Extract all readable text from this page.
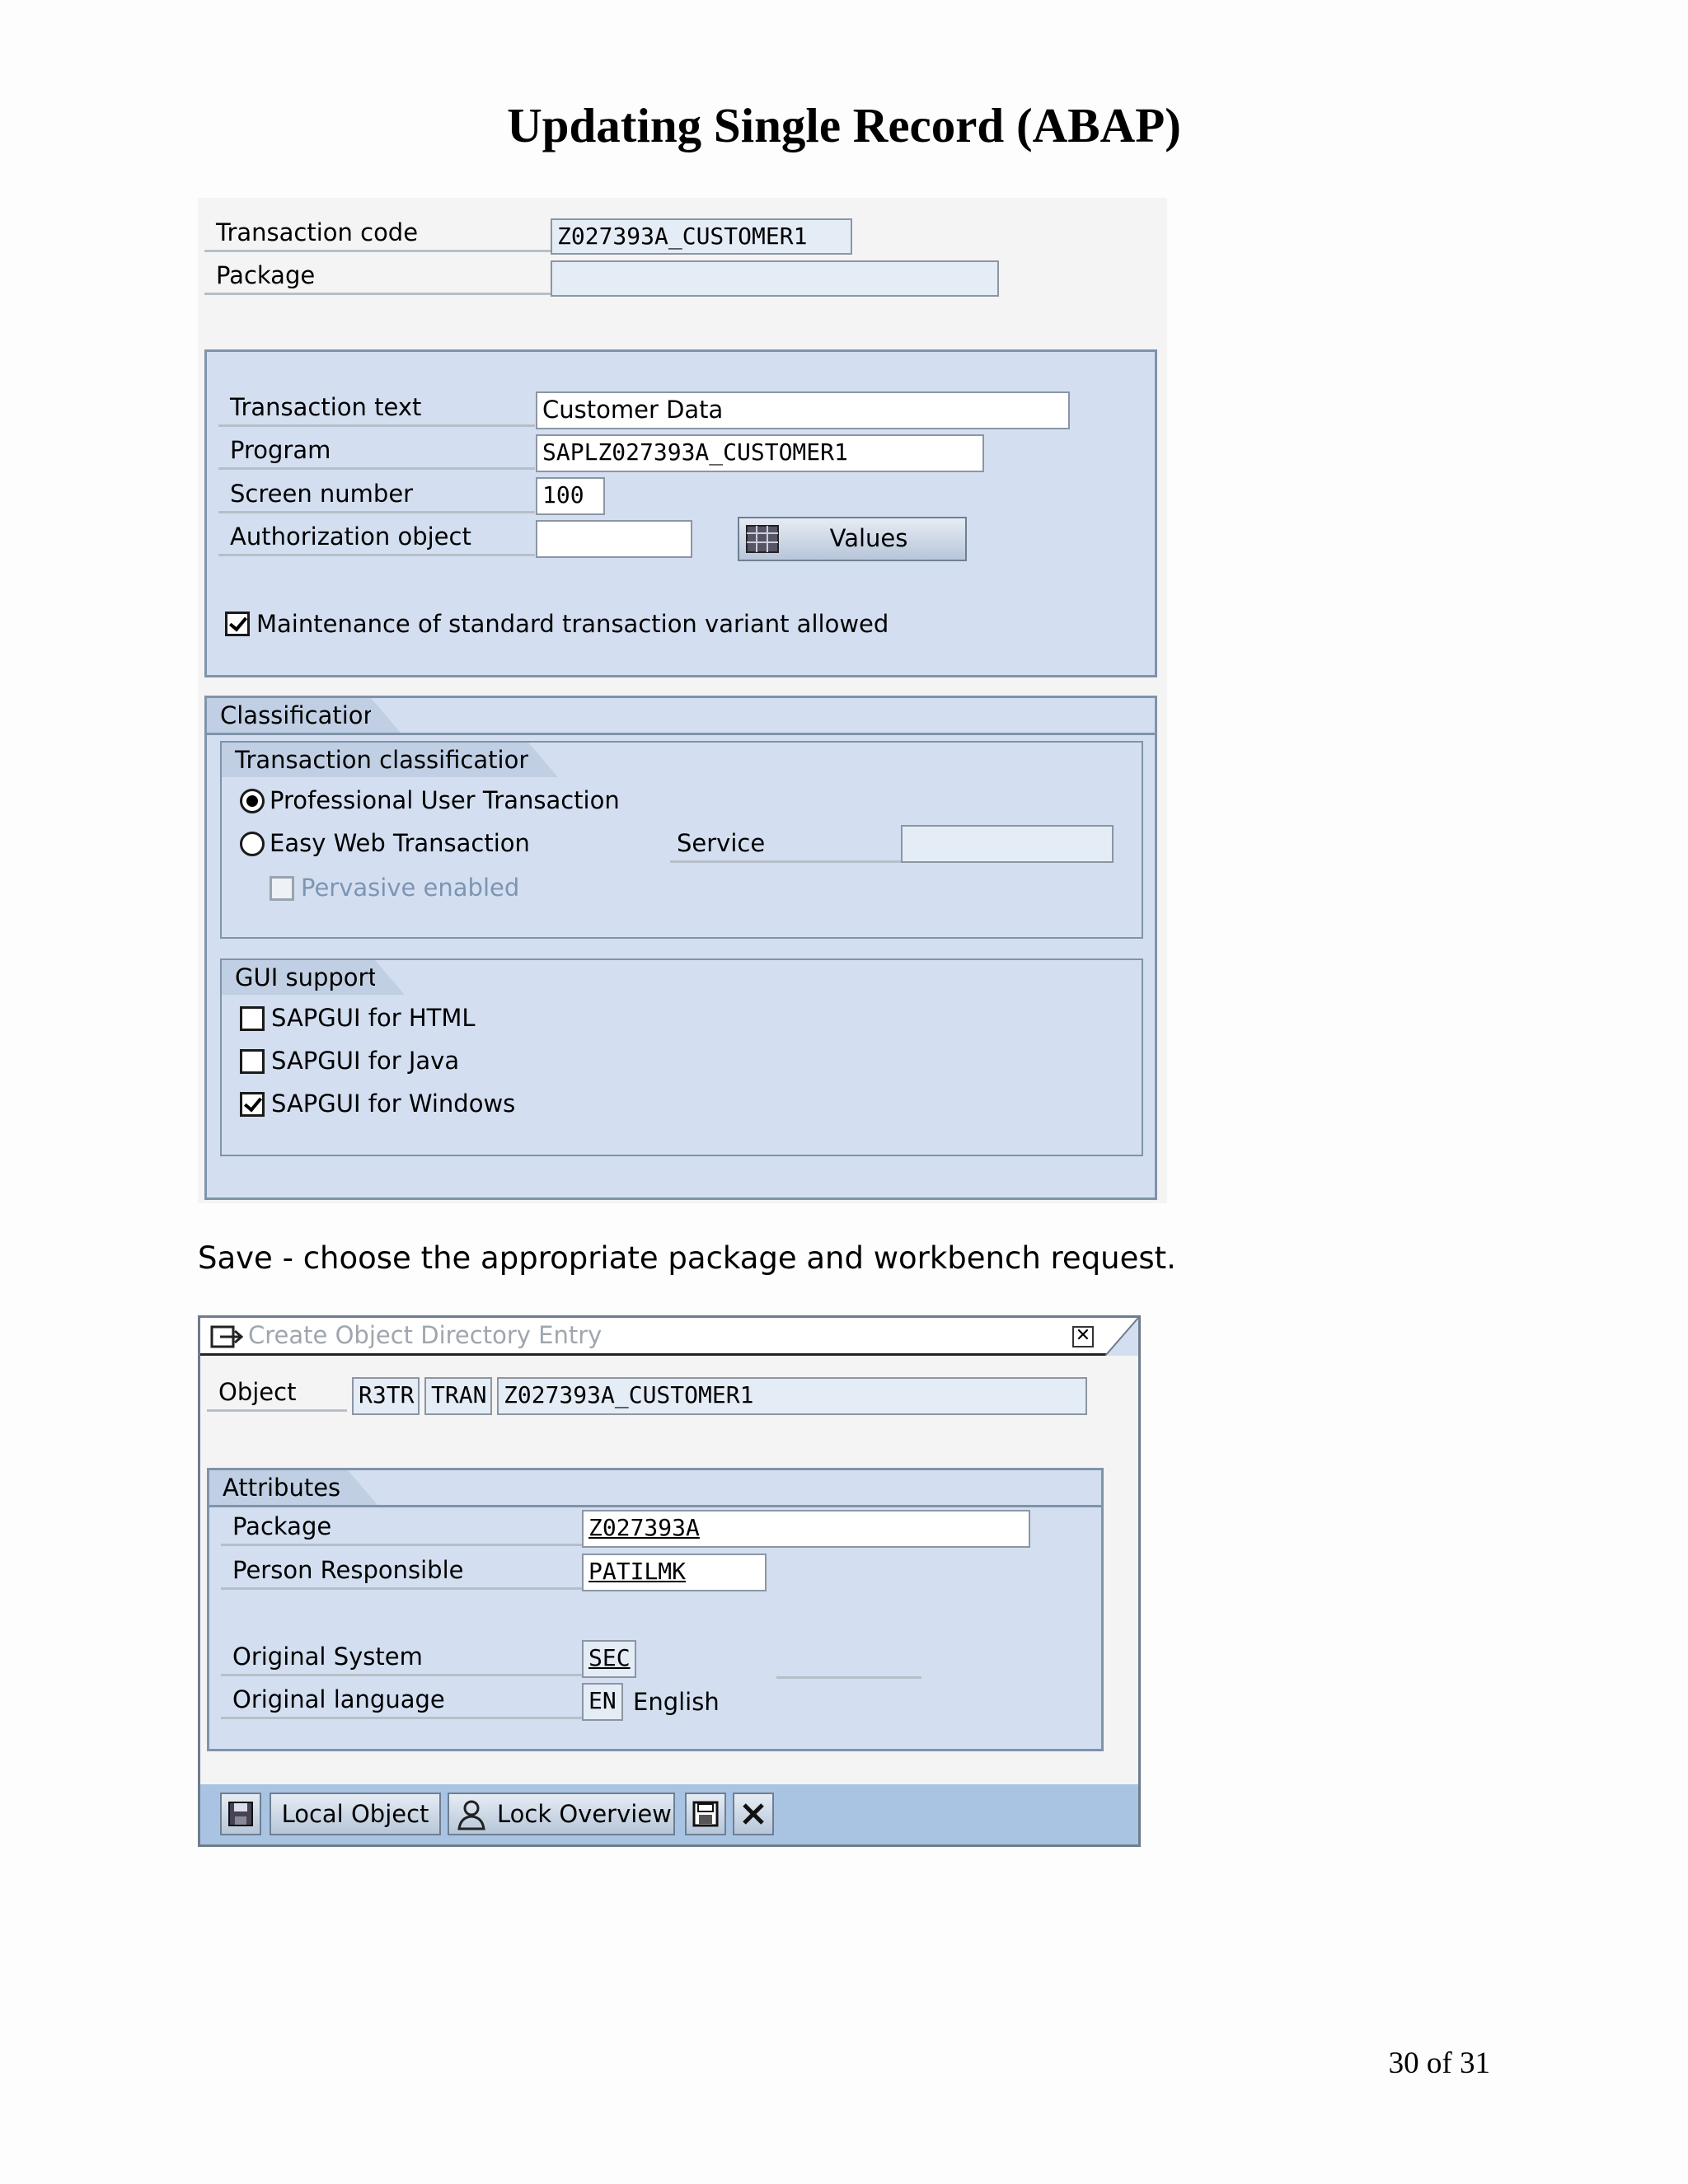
Updating Single Record (ABAP)
Transaction code	Z027393A_CUSTOMER1
Package
Transaction text	Customer Data
Program	SAPLZ027393A_CUSTOMER1
Screen number	100
Authorization object	Values
Maintenance of standard transaction variant allowed
Classification
Transaction classification
Professional User Transaction
Easy Web Transaction	Service
Pervasive enabled
GUI support
SAPGUI for HTML
SAPGUI for Java
SAPGUI for Windows
Save - choose the appropriate package and workbench request.
Create Object Directory Entry	✕
Object	R3TR TRAN Z027393A_CUSTOMER1
Attributes
Package	Z027393A
Person Responsible	PATILMK
Original System	SEC
Original language	EN English
Local Object	Lock Overview
30 of 31
